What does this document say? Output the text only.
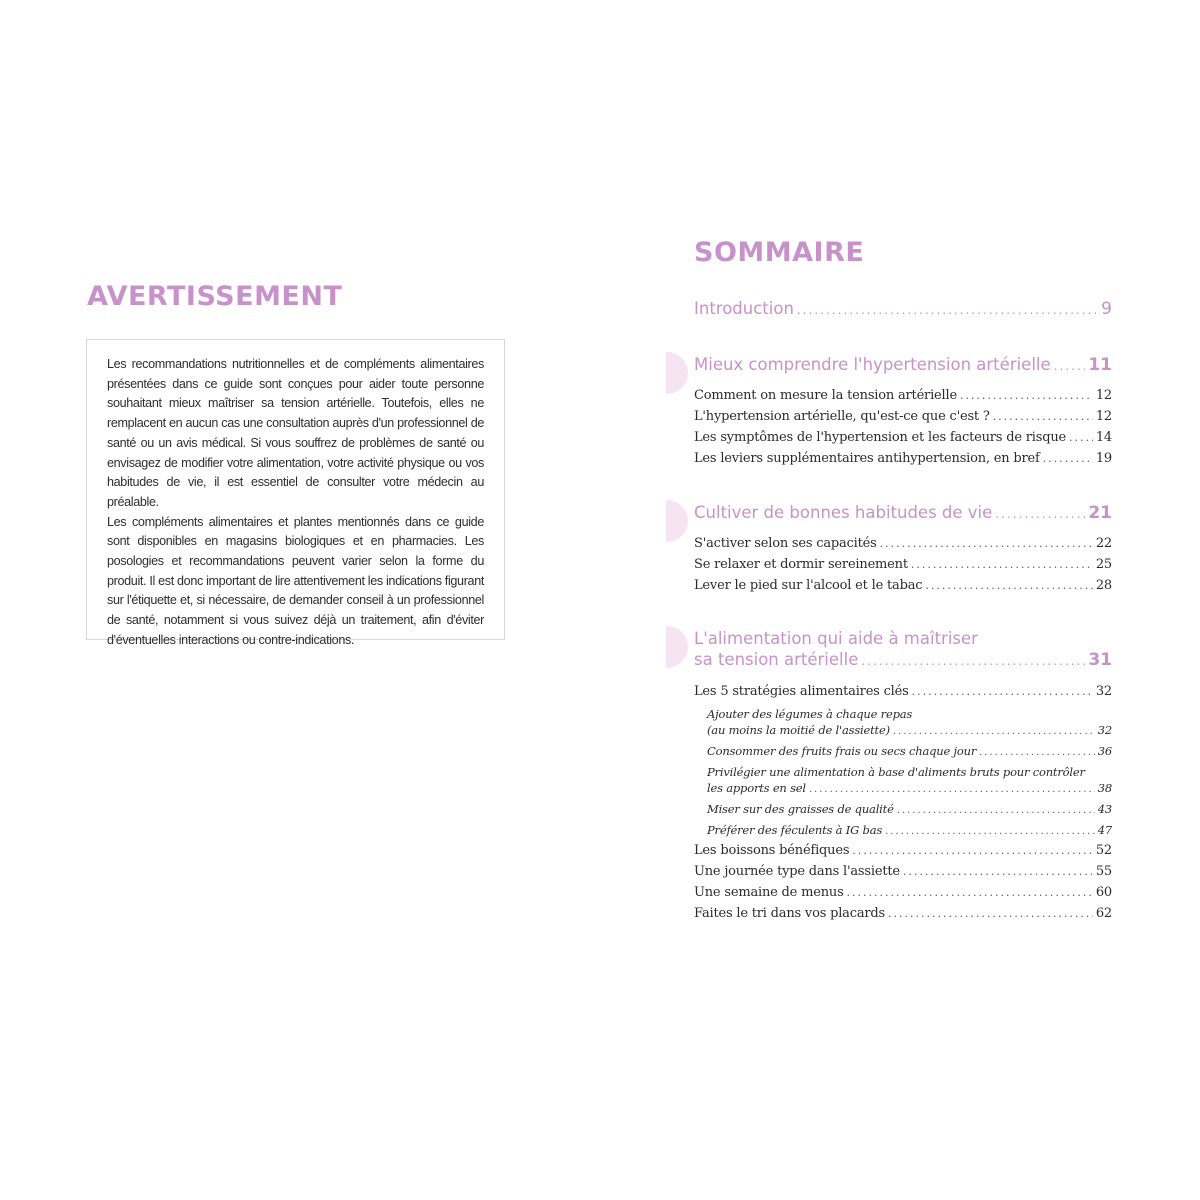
AVERTISSEMENT

Les recommandations nutritionnelles et de compléments alimentaires présentées dans ce guide sont conçues pour aider toute personne souhaitant mieux maîtriser sa tension artérielle. Toutefois, elles ne remplacent en aucun cas une consultation auprès d'un professionnel de santé ou un avis médical. Si vous souffrez de problèmes de santé ou envisagez de modifier votre alimentation, votre activité physique ou vos habitudes de vie, il est essentiel de consulter votre médecin au préalable.

Les compléments alimentaires et plantes mentionnés dans ce guide sont disponibles en magasins biologiques et en pharmacies. Les posologies et recommandations peuvent varier selon la forme du produit. Il est donc important de lire attentivement les indications figurant sur l'étiquette et, si nécessaire, de demander conseil à un professionnel de santé, notamment si vous suivez déjà un traitement, afin d'éviter d'éventuelles interactions ou contre-indications.

SOMMAIRE
Introduction .....	9
Mieux comprendre l'hypertension artérielle ..... 11
Comment on mesure la tension artérielle .....	12
L'hypertension artérielle, qu'est-ce que c'est ? .....	12
Les symptômes de l'hypertension et les facteurs de risque ..... 14
Les leviers supplémentaires antihypertension, en bref .....	19
Cultiver de bonnes habitudes de vie .....	21
S'activer selon ses capacités .....	22
Se relaxer et dormir sereinement .....	25
Lever le pied sur l'alcool et le tabac .....	28
L'alimentation qui aide à maîtriser
sa tension artérielle .....	31
Les 5 stratégies alimentaires clés .....	32
Ajouter des légumes à chaque repas
(au moins la moitié de l'assiette) .....	32
Consommer des fruits frais ou secs chaque jour .....	36
Privilégier une alimentation à base d'aliments bruts pour contrôler
les apports en sel .....	38
Miser sur des graisses de qualité .....	43
Préférer des féculents à IG bas .....	47
Les boissons bénéfiques .....	52
Une journée type dans l'assiette .....	55
Une semaine de menus .....	60
Faites le tri dans vos placards .....	62
